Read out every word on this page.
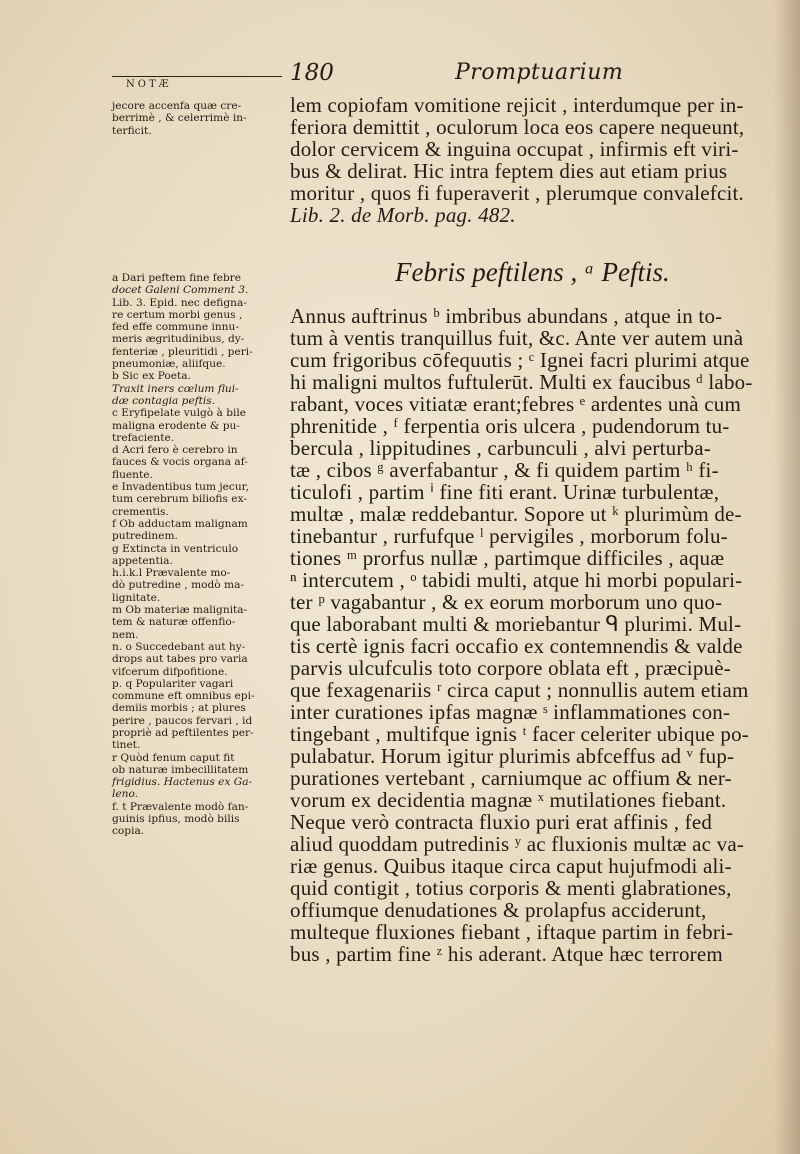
NOTÆ	180	Promptuarium
jecore accenfa quæ cre-
berrimè , & celerrimè in-
terficit.
lem copiofam vomitione rejicit , interdumque per in-
feriora demittit , oculorum loca eos capere nequeunt,
dolor cervicem & inguina occupat , infirmis eft viri-
bus & delirat. Hic intra feptem dies aut etiam prius
moritur , quos fi fuperaverit , plerumque convalefcit.
Lib. 2. de Morb. pag. 482.
Febris peftilens , ᵃ Peftis.
a Dari peftem fine febre
docet Galeni Comment 3.
Lib. 3. Epid. nec defigna-
re certum morbi genus ,
fed effe commune innu-
meris ægritudinibus, dy-
fenteriæ , pleuritidi , peri-
pneumoniæ, aliifque.
b Sic ex Poeta.
Traxit iners cœlum flui-
dæ contagia peftis.
c Eryfipelate vulgò à bile
maligna erodente & pu-
trefaciente.
d Acri fero è cerebro in
fauces & vocis organa af-
fluente.
e Invadentibus tum jecur,
tum cerebrum biliofis ex-
crementis.
f Ob adductam malignam
putredinem.
g Extincta in ventriculo
appetentia.
h.i.k.l Prævalente mo-
dò putredine , modò ma-
lignitate.
m Ob materiæ malignita-
tem & naturæ offenfio-
nem.
n. o Succedebant aut hy-
drops aut tabes pro varia
vifcerum difpofitione.
p. q Populariter vagari
commune eft omnibus epi-
demiis morbis ; at plures
perire , paucos fervari , id
propriè ad peftilentes per-
tinet.
r Quòd fenum caput fit
ob naturæ imbecillitatem
frigidius. Hactenus ex Ga-
leno.
f. t Prævalente modò fan-
guinis ipfius, modò bilis
copia.
Annus auftrinus ᵇ imbribus abundans , atque in to-
tum à ventis tranquillus fuit, &c. Ante ver autem unà
cum frigoribus cōfequutis ; ᶜ Ignei facri plurimi atque
hi maligni multos fuftulerūt. Multi ex faucibus ᵈ labo-
rabant, voces vitiatæ erant;febres ᵉ ardentes unà cum
phrenitide , ᶠ ferpentia oris ulcera , pudendorum tu-
bercula , lippitudines , carbunculi , alvi perturba-
tæ , cibos ᵍ averfabantur , & fi quidem partim ʰ fi-
ticulofi , partim ⁱ fine fiti erant. Urinæ turbulentæ,
multæ , malæ reddebantur. Sopore ut ᵏ plurimùm de-
tinebantur , rurfufque ˡ pervigiles , morborum folu-
tiones ᵐ prorfus nullæ , partimque difficiles , aquæ
ⁿ intercutem , ᵒ tabidi multi, atque hi morbi populari-
ter ᵖ vagabantur , & ex eorum morborum uno quo-
que laborabant multi & moriebantur ᑫ plurimi. Mul-
tis certè ignis facri occafio ex contemnendis & valde
parvis ulcufculis toto corpore oblata eft , præcipuè-
que fexagenariis ʳ circa caput ; nonnullis autem etiam
inter curationes ipfas magnæ ˢ inflammationes con-
tingebant , multifque ignis ᵗ facer celeriter ubique po-
pulabatur. Horum igitur plurimis abfceffus ad ᵛ fup-
purationes vertebant , carniumque ac offium & ner-
vorum ex decidentia magnæ ˣ mutilationes fiebant.
Neque verò contracta fluxio puri erat affinis , fed
aliud quoddam putredinis ʸ ac fluxionis multæ ac va-
riæ genus. Quibus itaque circa caput hujufmodi ali-
quid contigit , totius corporis & menti glabrationes,
offiumque denudationes & prolapfus acciderunt,
multeque fluxiones fiebant , iftaque partim in febri-
bus , partim fine ᶻ his aderant. Atque hæc terrorem
